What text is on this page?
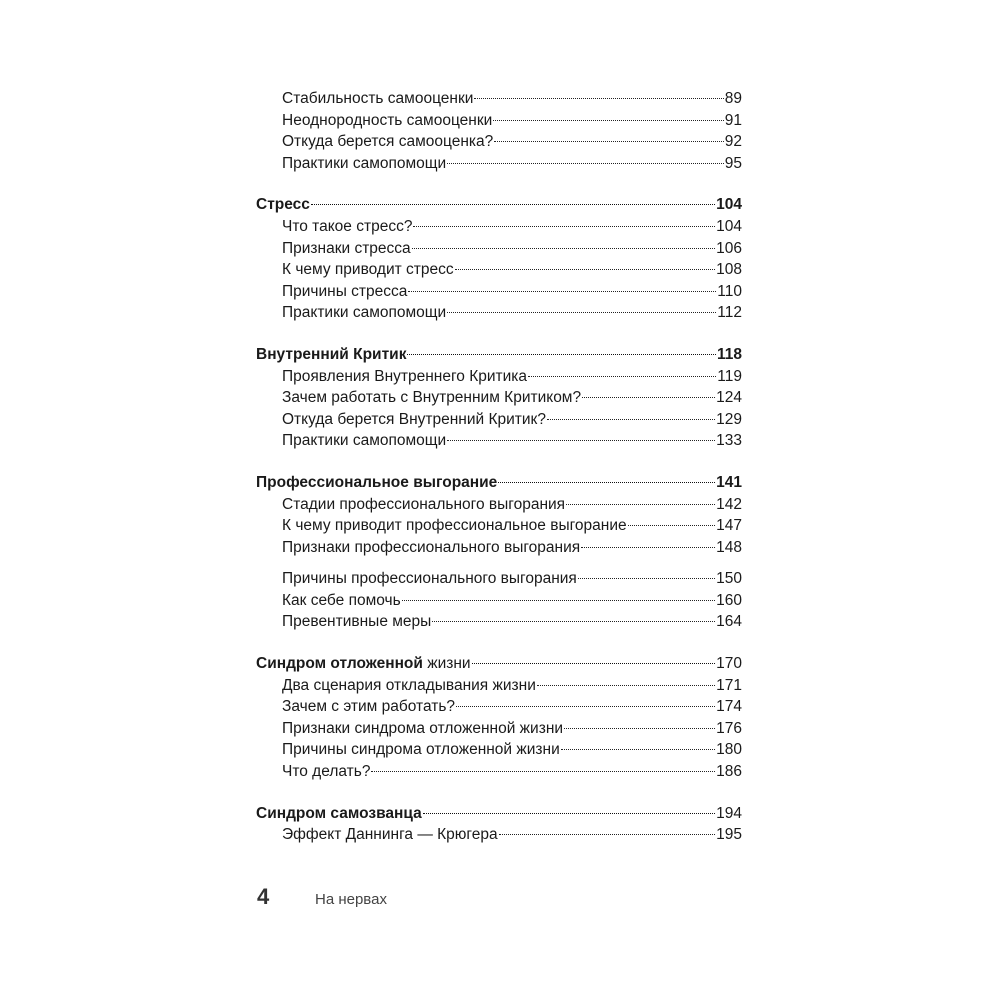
Стабильность самооценки	89
Неоднородность самооценки	91
Откуда берется самооценка?	92
Практики самопомощи	95
Стресс	104
Что такое стресс?	104
Признаки стресса	106
К чему приводит стресс	108
Причины стресса	110
Практики самопомощи	112
Внутренний Критик	118
Проявления Внутреннего Критика	119
Зачем работать с Внутренним Критиком?	124
Откуда берется Внутренний Критик?	129
Практики самопомощи	133
Профессиональное выгорание	141
Стадии профессионального выгорания	142
К чему приводит профессиональное выгорание	147
Признаки профессионального выгорания	148
Причины профессионального выгорания	150
Как себе помочь	160
Превентивные меры	164
Синдром отложенной жизни	170
Два сценария откладывания жизни	171
Зачем с этим работать?	174
Признаки синдрома отложенной жизни	176
Причины синдрома отложенной жизни	180
Что делать?	186
Синдром самозванца	194
Эффект Даннинга — Крюгера	195
4	На нервах
